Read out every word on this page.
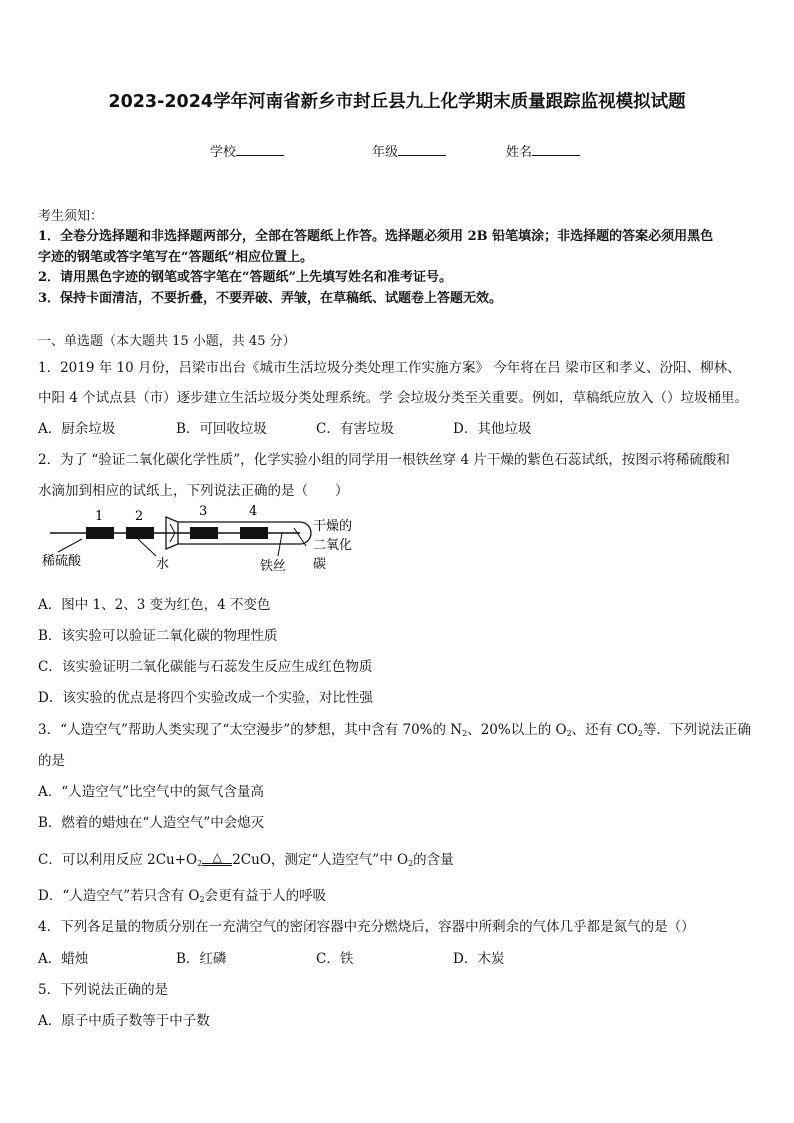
2023-2024学年河南省新乡市封丘县九上化学期末质量跟踪监视模拟试题
学校	年级	姓名
考生须知：
1．全卷分选择题和非选择题两部分，全部在答题纸上作答。选择题必须用 2B 铅笔填涂；非选择题的答案必须用黑色
字迹的钢笔或答字笔写在“答题纸”相应位置上。
2．请用黑色字迹的钢笔或答字笔在“答题纸”上先填写姓名和准考证号。
3．保持卡面清洁，不要折叠，不要弄破、弄皱，在草稿纸、试题卷上答题无效。
一、单选题（本大题共 15 小题，共 45 分）
1．2019 年 10 月份，吕梁市出台《城市生活垃圾分类处理工作实施方案》 今年将在吕 梁市区和孝义、汾阳、柳林、
中阳 4 个试点县（市）逐步建立生活垃圾分类处理系统。学 会垃圾分类至关重要。例如，草稿纸应放入（）垃圾桶里。
A．厨余垃圾	B．可回收垃圾	C．有害垃圾	D．其他垃圾
2．为了 “验证二氧化碳化学性质”，化学实验小组的同学用一根铁丝穿 4 片干燥的紫色石蕊试纸，按图示将稀硫酸和
水滴加到相应的试纸上，下列说法正确的是（　　）
1 2	3	4
稀硫酸	水	铁丝
干燥的
二氧化
碳
A．图中 1、2、3 变为红色，4 不变色
B．该实验可以验证二氧化碳的物理性质
C．该实验证明二氧化碳能与石蕊发生反应生成红色物质
D．该实验的优点是将四个实验改成一个实验，对比性强
3．“人造空气”帮助人类实现了“太空漫步”的梦想，其中含有 70%的 $N_2$、20%以上的 $O_2$、还有 $CO_2$等．下列说法正确
的是
A．“人造空气”比空气中的氮气含量高
B．燃着的蜡烛在“人造空气”中会熄灭
C．可以利用反应 $2Cu+O_2$ △ 2CuO，测定“人造空气”中 $O_2$的含量
D．“人造空气”若只含有 $O_2$会更有益于人的呼吸
4．下列各足量的物质分别在一充满空气的密闭容器中充分燃烧后，容器中所剩余的气体几乎都是氮气的是（）
A．蜡烛	B．红磷	C．铁	D．木炭
5．下列说法正确的是
A．原子中质子数等于中子数
